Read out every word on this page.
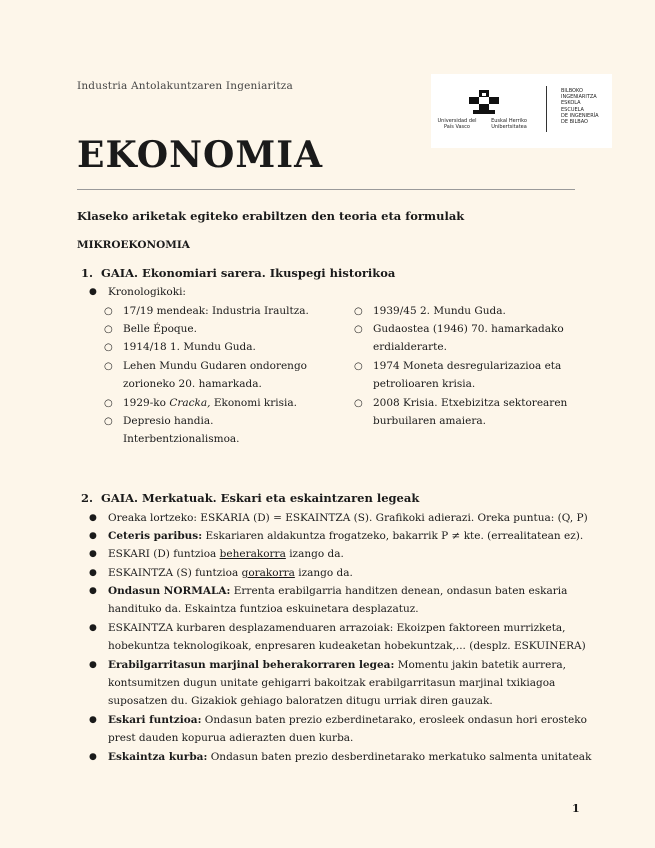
Industria Antolakuntzaren Ingeniaritza
Universidad del País Vasco
Euskal Herriko Unibertsitatea
BILBOKO
INGENIARITZA
ESKOLA
ESCUELA
DE INGENIERÍA
DE BILBAO
EKONOMIA
Klaseko ariketak egiteko erabiltzen den teoria eta formulak
MIKROEKONOMIA
1. GAIA. Ekonomiari sarera. Ikuspegi historikoa
● Kronologikoki:
○ 17/19 mendeak: Industria Iraultza.
○ Belle Époque.
○ 1914/18 1. Mundu Guda.
○ Lehen Mundu Gudaren ondorengo
zorioneko 20. hamarkada.
○ 1929-ko Cracka, Ekonomi krisia.
○ Depresio handia.
Interbentzionalismoa.
○ 1939/45 2. Mundu Guda.
○ Gudaostea (1946) 70. hamarkadako
erdialderarte.
○ 1974 Moneta desregularizazioa eta
petrolioaren krisia.
○ 2008 Krisia. Etxebizitza sektorearen
burbuilaren amaiera.
2. GAIA. Merkatuak. Eskari eta eskaintzaren legeak
● Oreaka lortzeko: ESKARIA (D) = ESKAINTZA (S). Grafikoki adierazi. Oreka puntua: (Q, P)
● Ceteris paribus: Eskariaren aldakuntza frogatzeko, bakarrik P ≠ kte. (errealitatean ez).
● ESKARI (D) funtzioa beherakorra izango da.
● ESKAINTZA (S) funtzioa gorakorra izango da.
● Ondasun NORMALA: Errenta erabilgarria handitzen denean, ondasun baten eskaria
handituko da. Eskaintza funtzioa eskuinetara desplazatuz.
● ESKAINTZA kurbaren desplazamenduaren arrazoiak: Ekoizpen faktoreen murrizketa,
hobekuntza teknologikoak, enpresaren kudeaketan hobekuntzak,... (desplz. ESKUINERA)
● Erabilgarritasun marjinal beherakorraren legea: Momentu jakin batetik aurrera,
kontsumitzen dugun unitate gehigarri bakoitzak erabilgarritasun marjinal txikiagoa
suposatzen du. Gizakiok gehiago baloratzen ditugu urriak diren gauzak.
● Eskari funtzioa: Ondasun baten prezio ezberdinetarako, erosleek ondasun hori erosteko
prest dauden kopurua adierazten duen kurba.
● Eskaintza kurba: Ondasun baten prezio desberdinetarako merkatuko salmenta unitateak
1
